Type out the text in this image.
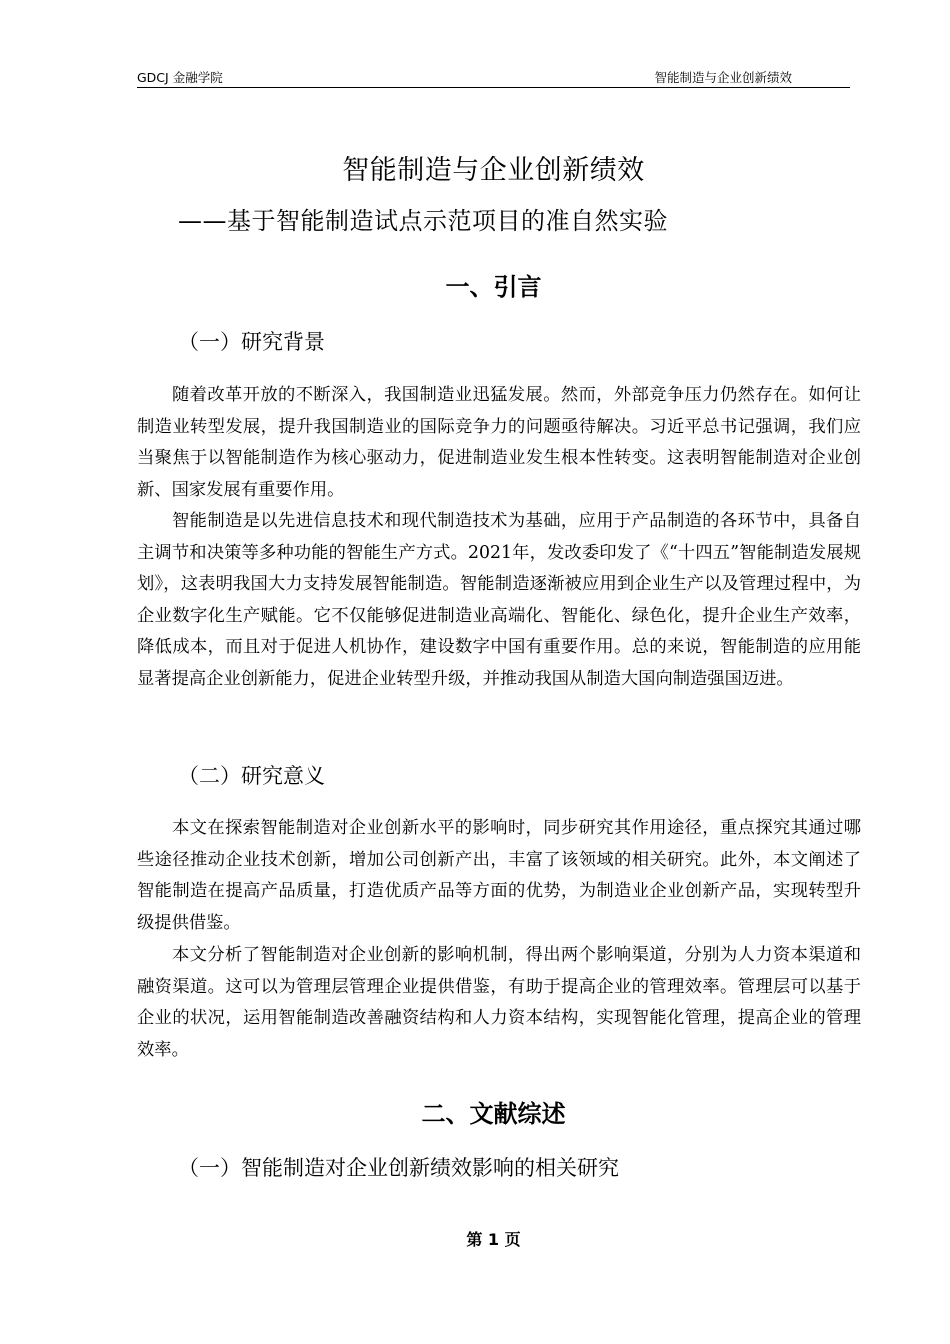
GDCJ 金融学院	智能制造与企业创新绩效
智能制造与企业创新绩效
——基于智能制造试点示范项目的准自然实验
一、引言
（一）研究背景

随着改革开放的不断深入，我国制造业迅猛发展。然而，外部竞争压力仍然存在。如何让制造业转型发展，提升我国制造业的国际竞争力的问题亟待解决。习近平总书记强调，我们应当聚焦于以智能制造作为核心驱动力，促进制造业发生根本性转变。这表明智能制造对企业创新、国家发展有重要作用。

智能制造是以先进信息技术和现代制造技术为基础，应用于产品制造的各环节中，具备自主调节和决策等多种功能的智能生产方式。2021年，发改委印发了《“十四五”智能制造发展规划》，这表明我国大力支持发展智能制造。智能制造逐渐被应用到企业生产以及管理过程中，为企业数字化生产赋能。它不仅能够促进制造业高端化、智能化、绿色化，提升企业生产效率，降低成本，而且对于促进人机协作，建设数字中国有重要作用。总的来说，智能制造的应用能显著提高企业创新能力，促进企业转型升级，并推动我国从制造大国向制造强国迈进。

（二）研究意义

本文在探索智能制造对企业创新水平的影响时，同步研究其作用途径，重点探究其通过哪些途径推动企业技术创新，增加公司创新产出，丰富了该领域的相关研究。此外，本文阐述了智能制造在提高产品质量，打造优质产品等方面的优势，为制造业企业创新产品，实现转型升级提供借鉴。

本文分析了智能制造对企业创新的影响机制，得出两个影响渠道，分别为人力资本渠道和融资渠道。这可以为管理层管理企业提供借鉴，有助于提高企业的管理效率。管理层可以基于企业的状况，运用智能制造改善融资结构和人力资本结构，实现智能化管理，提高企业的管理效率。

二、文献综述
（一）智能制造对企业创新绩效影响的相关研究
第 1 页
